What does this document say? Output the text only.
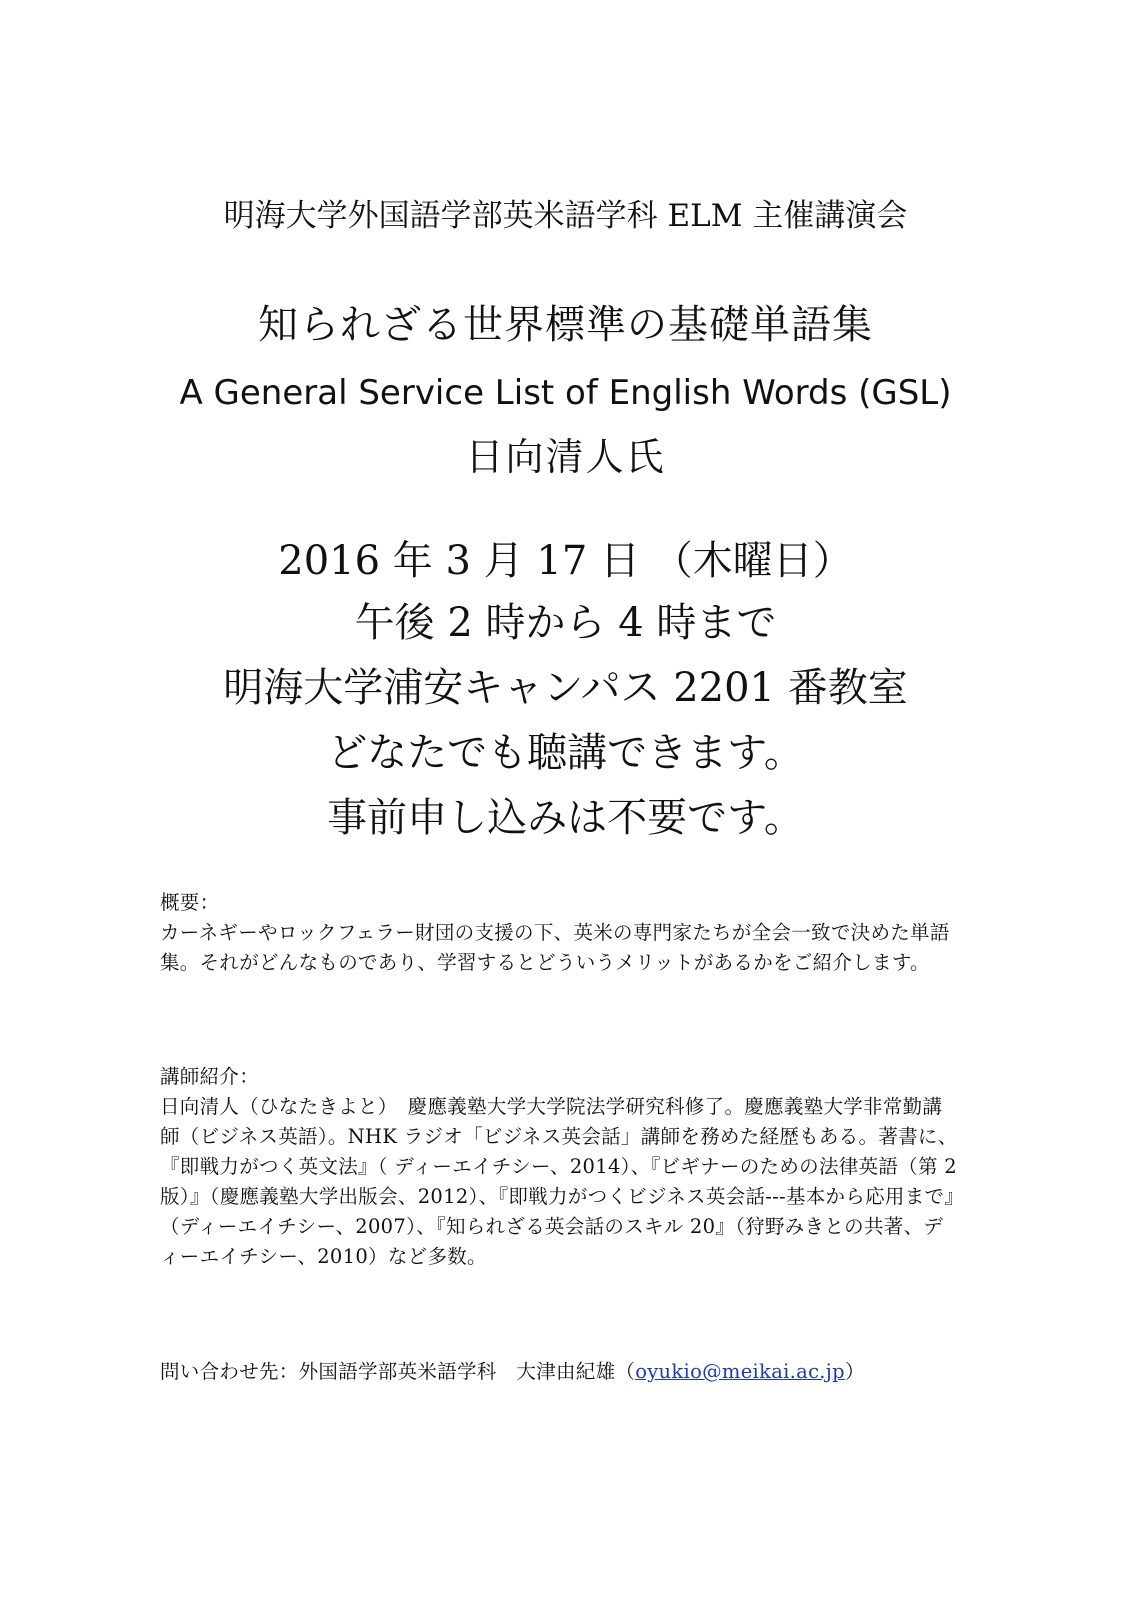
明海大学外国語学部英米語学科 ELM 主催講演会
知られざる世界標準の基礎単語集
A General Service List of English Words (GSL)
日向清人氏
2016 年 3 月 17 日 （木曜日）
午後 2 時から 4 時まで
明海大学浦安キャンパス 2201 番教室
どなたでも聴講できます。
事前申し込みは不要です。
概要：
カーネギーやロックフェラー財団の支援の下、英米の専門家たちが全会一致で決めた単語集。それがどんなものであり、学習するとどういうメリットがあるかをご紹介します。
講師紹介：
日向清人（ひなたきよと）　慶應義塾大学大学院法学研究科修了。慶應義塾大学非常勤講師（ビジネス英語）。NHK ラジオ「ビジネス英会話」講師を務めた経歴もある。著書に、『即戦力がつく英文法』（ ディーエイチシー、2014）、『ビギナーのための法律英語（第 2 版）』（慶應義塾大学出版会、2012）、『即戦力がつくビジネス英会話---基本から応用まで』（ディーエイチシー、2007）、『知られざる英会話のスキル 20』（狩野みきとの共著、ディーエイチシー、2010）など多数。
問い合わせ先：外国語学部英米語学科　大津由紀雄（oyukio@meikai.ac.jp）
